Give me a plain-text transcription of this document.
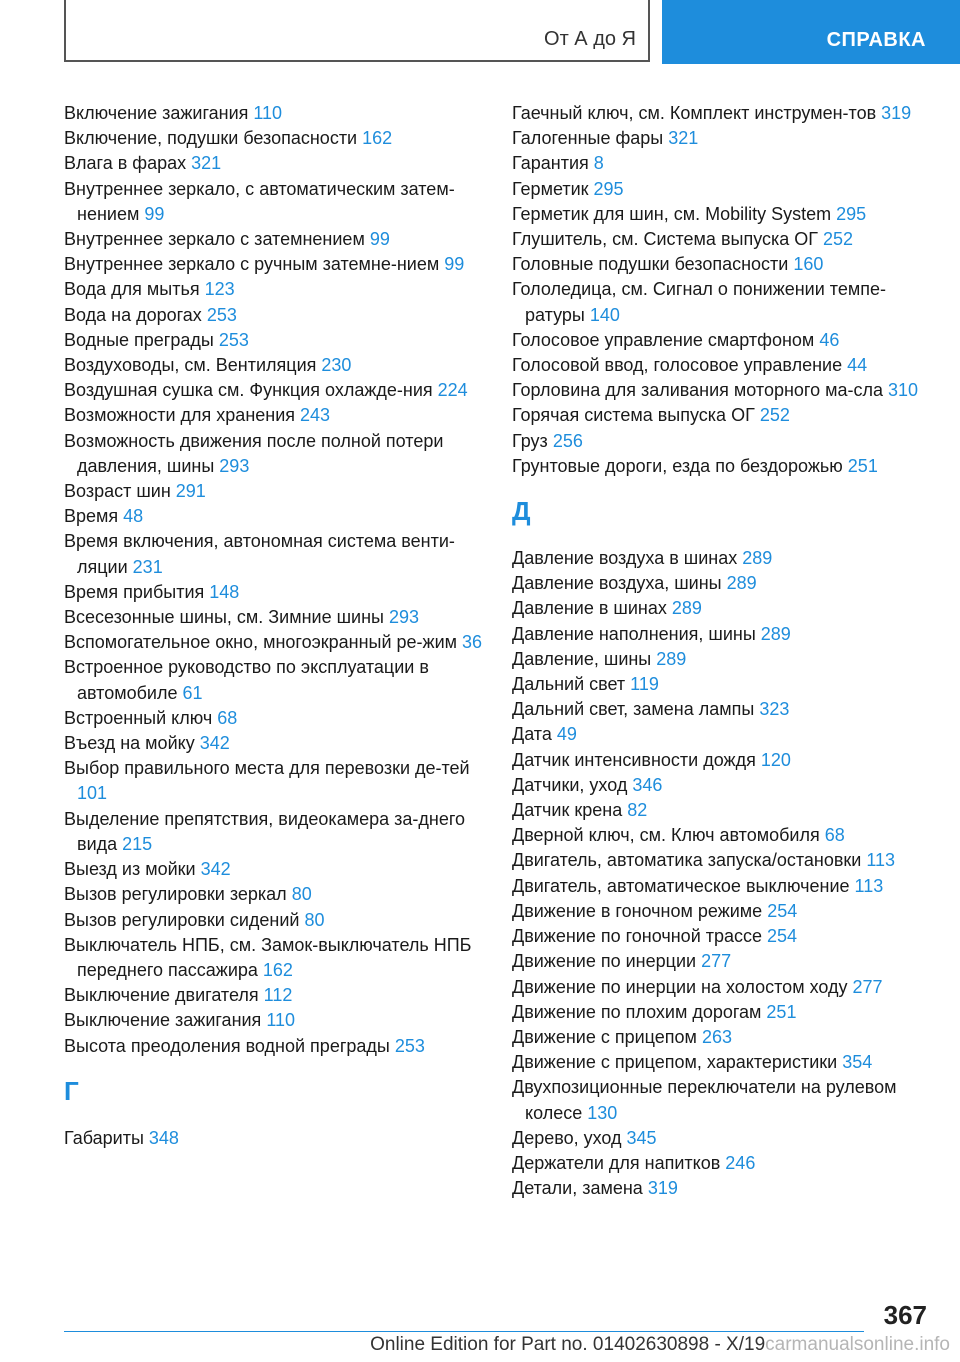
От А до Я	СПРАВКА
Включение зажигания 110
Включение, подушки безопасности 162
Влага в фарах 321
Внутреннее зеркало, с автоматическим затем‐нением 99
Внутреннее зеркало с затемнением 99
Внутреннее зеркало с ручным затемне‐нием 99
Вода для мытья 123
Вода на дорогах 253
Водные преграды 253
Воздуховоды, см. Вентиляция 230
Воздушная сушка см. Функция охлажде‐ния 224
Возможности для хранения 243
Возможность движения после полной потери давления, шины 293
Возраст шин 291
Время 48
Время включения, автономная система венти‐ляции 231
Время прибытия 148
Всесезонные шины, см. Зимние шины 293
Вспомогательное окно, многоэкранный ре‐жим 36
Встроенное руководство по эксплуатации в автомобиле 61
Встроенный ключ 68
Въезд на мойку 342
Выбор правильного места для перевозки де‐тей 101
Выделение препятствия, видеокамера за‐днего вида 215
Выезд из мойки 342
Вызов регулировки зеркал 80
Вызов регулировки сидений 80
Выключатель НПБ, см. Замок-выключатель НПБ переднего пассажира 162
Выключение двигателя 112
Выключение зажигания 110
Высота преодоления водной преграды 253
Г
Габариты 348
Гаечный ключ, см. Комплект инструмен‐тов 319
Галогенные фары 321
Гарантия 8
Герметик 295
Герметик для шин, см. Mobility System 295
Глушитель, см. Система выпуска ОГ 252
Головные подушки безопасности 160
Гололедица, см. Сигнал о понижении темпе‐ратуры 140
Голосовое управление смартфоном 46
Голосовой ввод, голосовое управление 44
Горловина для заливания моторного ма‐сла 310
Горячая система выпуска ОГ 252
Груз 256
Грунтовые дороги, езда по бездорожью 251
Д
Давление воздуха в шинах 289
Давление воздуха, шины 289
Давление в шинах 289
Давление наполнения, шины 289
Давление, шины 289
Дальний свет 119
Дальний свет, замена лампы 323
Дата 49
Датчик интенсивности дождя 120
Датчики, уход 346
Датчик крена 82
Дверной ключ, см. Ключ автомобиля 68
Двигатель, автоматика запуска/остановки 113
Двигатель, автоматическое выключение 113
Движение в гоночном режиме 254
Движение по гоночной трассе 254
Движение по инерции 277
Движение по инерции на холостом ходу 277
Движение по плохим дорогам 251
Движение с прицепом 263
Движение с прицепом, характеристики 354
Двухпозиционные переключатели на рулевом колесе 130
Дерево, уход 345
Держатели для напитков 246
Детали, замена 319
367
Online Edition for Part no. 01402630898 - X/19carmanualsonline.info
